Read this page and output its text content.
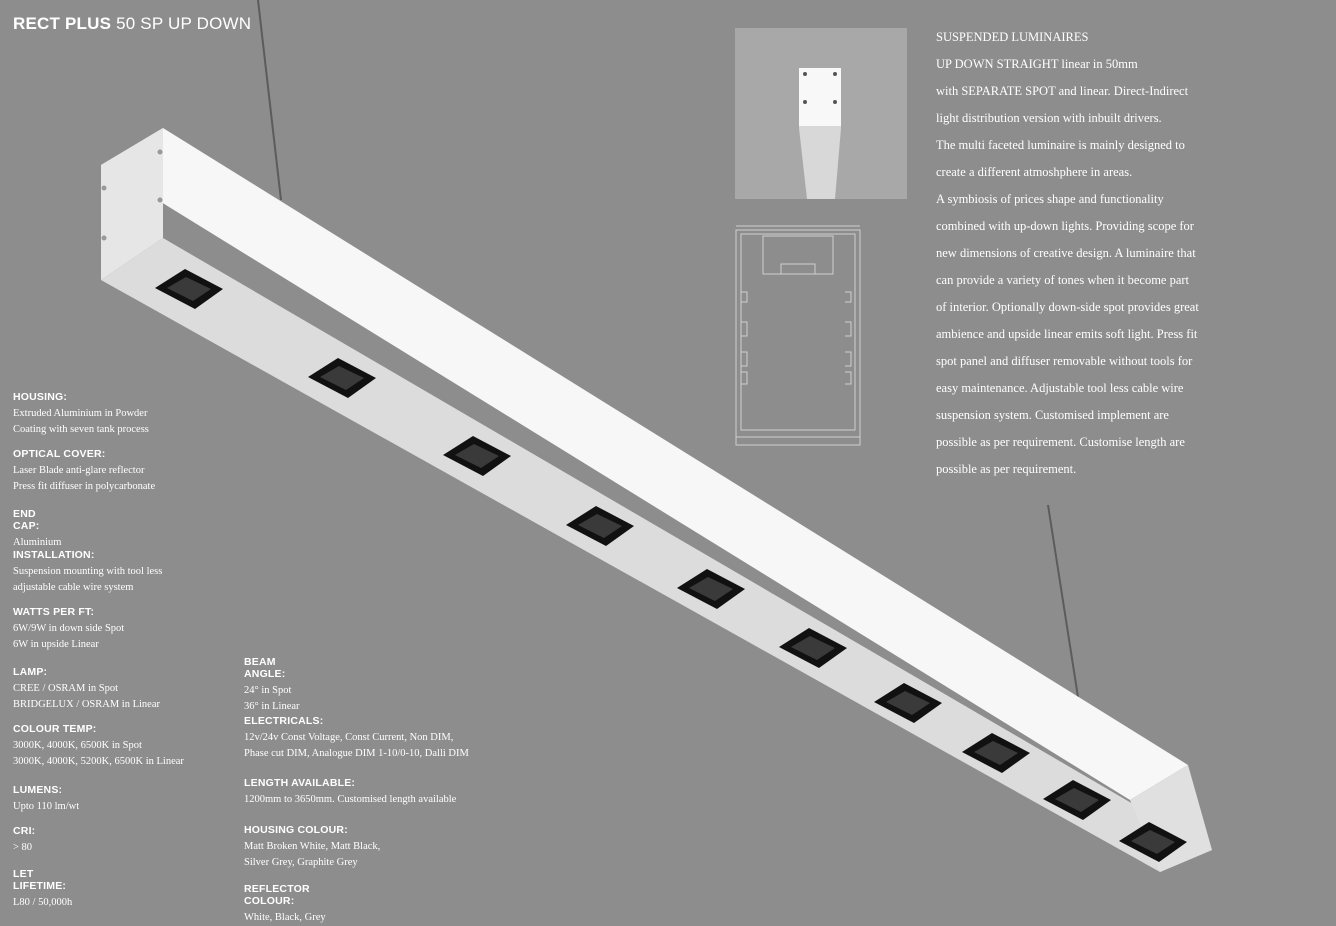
RECT PLUS 50 SP UP DOWN
SUSPENDED LUMINAIRES
UP DOWN STRAIGHT linear in 50mm
with SEPARATE SPOT and linear. Direct-Indirect
light distribution version with inbuilt drivers.
The multi faceted luminaire is mainly designed to
create a different atmoshphere in areas.
A symbiosis of prices shape and functionality
combined with up-down lights. Providing scope for
new dimensions of creative design. A luminaire that
can provide a variety of tones when it become part
of interior. Optionally down-side spot provides great
ambience and upside linear emits soft light. Press fit
spot panel and diffuser removable without tools for
easy maintenance. Adjustable tool less cable wire
suspension system. Customised implement are
possible as per requirement. Customise length are
possible as per requirement.
HOUSING:
Extruded Aluminium in Powder
Coating with seven tank process
OPTICAL COVER:
Laser Blade anti-glare reflector
Press fit diffuser in polycarbonate
END CAP:
Aluminium
INSTALLATION:
Suspension mounting with tool less
adjustable cable wire system
WATTS PER FT:
6W/9W in down side Spot
6W in upside Linear
LAMP:
CREE / OSRAM in Spot
BRIDGELUX / OSRAM in Linear
COLOUR TEMP:
3000K, 4000K, 6500K in Spot
3000K, 4000K, 5200K, 6500K in Linear
LUMENS:
Upto 110 lm/wt
CRI:
> 80
LET LIFETIME:
L80 / 50,000h
BEAM ANGLE:
24° in Spot
36° in Linear
ELECTRICALS:
12v/24v Const Voltage, Const Current, Non DIM,
Phase cut DIM, Analogue DIM 1-10/0-10, Dalli DIM
LENGTH AVAILABLE:
1200mm to 3650mm. Customised length available
HOUSING COLOUR:
Matt Broken White, Matt Black,
Silver Grey, Graphite Grey
REFLECTOR COLOUR:
White, Black, Grey
